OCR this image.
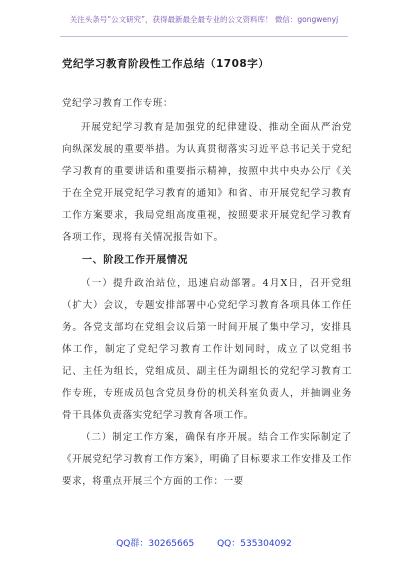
关注头条号“公文研究”，获得最新最全最专业的公文资料库！ 微信：gongwenyj

党纪学习教育阶段性工作总结（1708字）

党纪学习教育工作专班：

开展党纪学习教育是加强党的纪律建设、推动全面从严治党向纵深发展的重要举措。为认真贯彻落实习近平总书记关于党纪学习教育的重要讲话和重要指示精神，按照中共中央办公厅《关于在全党开展党纪学习教育的通知》和省、市开展党纪学习教育工作方案要求，我局党组高度重视，按照要求开展党纪学习教育各项工作，现将有关情况报告如下。

一、阶段工作开展情况

（一）提升政治站位，迅速启动部署。4月X日，召开党组（扩大）会议，专题安排部署中心党纪学习教育各项具体工作任务。各党支部均在党组会议后第一时间开展了集中学习，安排具体工作，制定了党纪学习教育工作计划同时，成立了以党组书记、主任为组长，党组成员、副主任为副组长的党纪学习教育工作专班，专班成员包含党员身份的机关科室负责人，并抽调业务骨干具体负责落实党纪学习教育各项工作。

（二）制定工作方案，确保有序开展。结合工作实际制定了《开展党纪学习教育工作方案》，明确了目标要求工作安排及工作要求，将重点开展三个方面的工作：一要

QQ群：30265665	QQ：535304092
